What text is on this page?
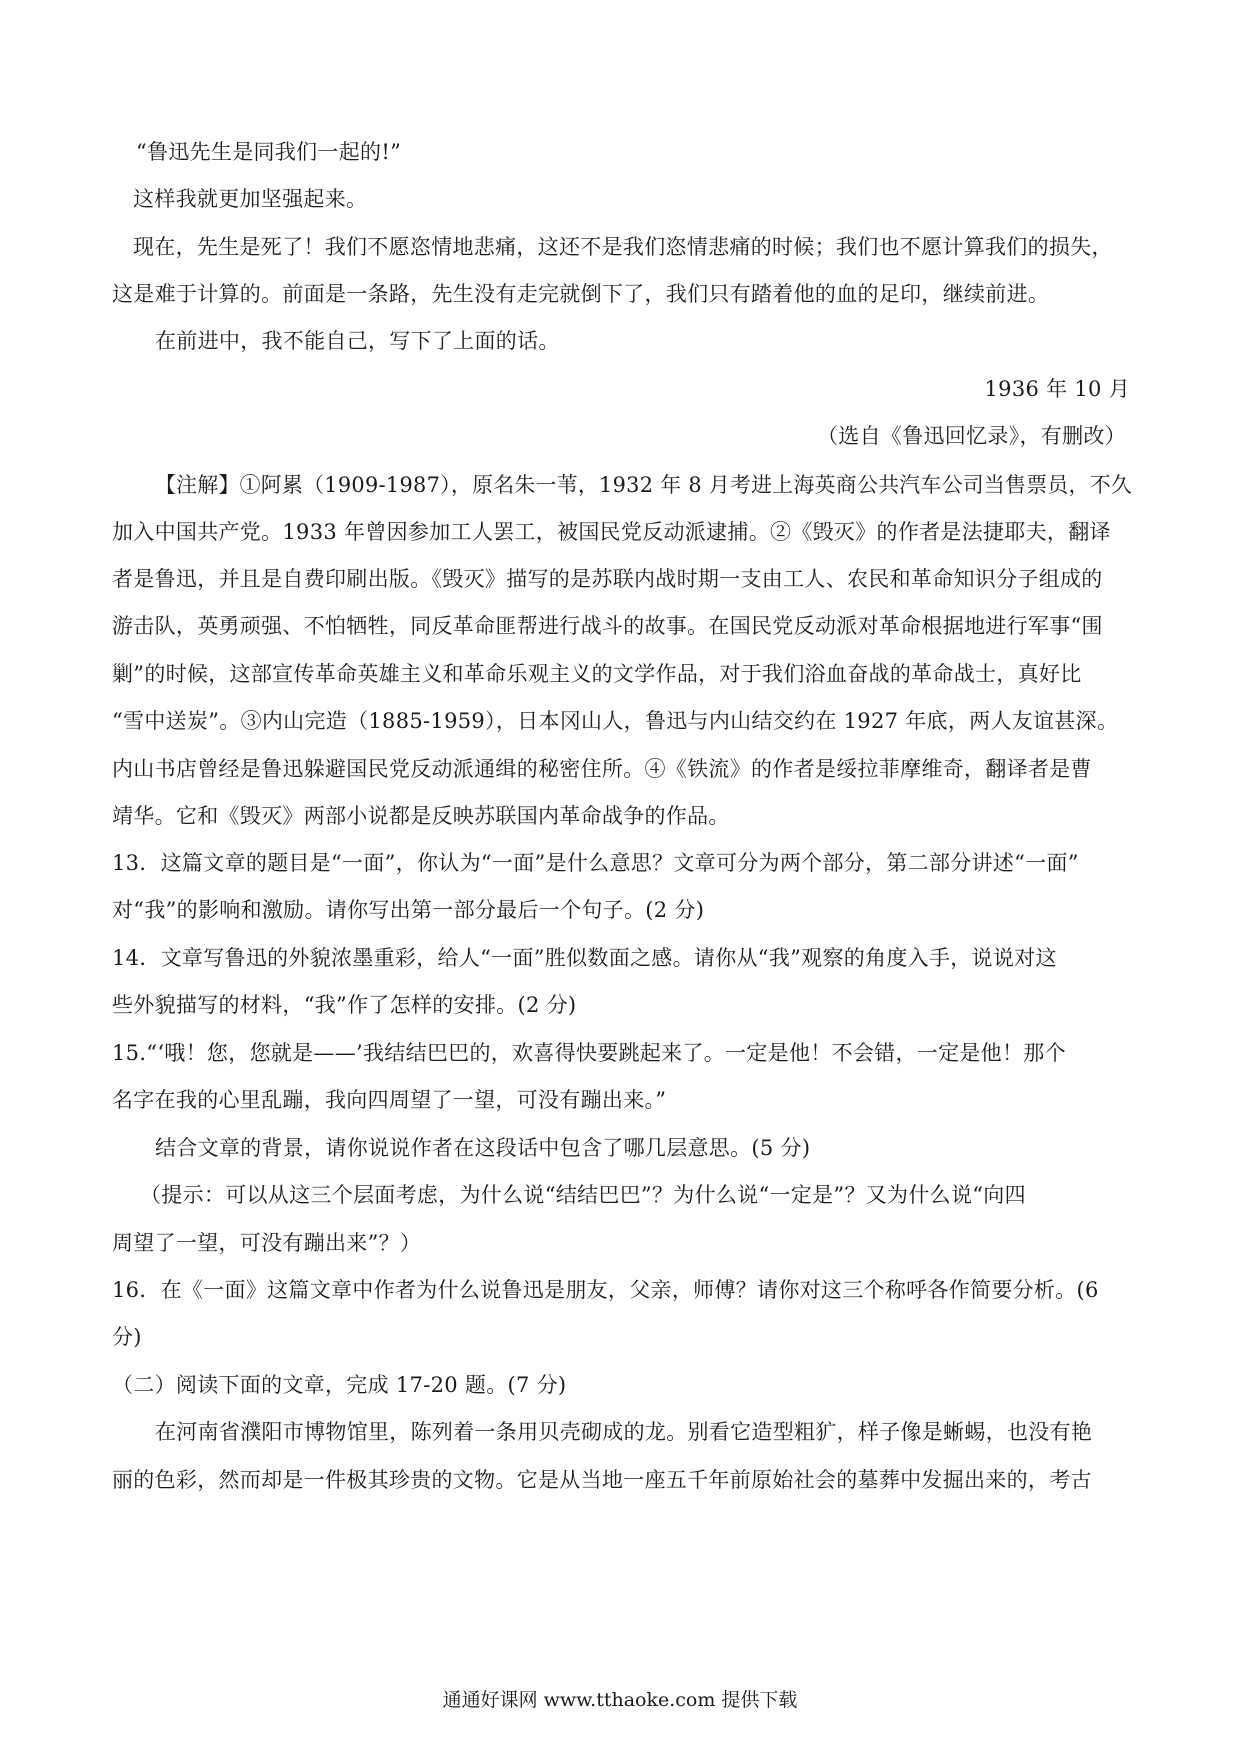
“鲁迅先生是同我们一起的!”
这样我就更加坚强起来。
现在，先生是死了！我们不愿恣情地悲痛，这还不是我们恣情悲痛的时候；我们也不愿计算我们的损失，
这是难于计算的。前面是一条路，先生没有走完就倒下了，我们只有踏着他的血的足印，继续前进。
在前进中，我不能自己，写下了上面的话。
1936 年 10 月
（选自《鲁迅回忆录》，有删改）
【注解】①阿累（1909-1987），原名朱一苇，1932 年 8 月考进上海英商公共汽车公司当售票员，不久
加入中国共产党。1933 年曾因参加工人罢工，被国民党反动派逮捕。②《毁灭》的作者是法捷耶夫，翻译
者是鲁迅，并且是自费印刷出版。《毁灭》描写的是苏联内战时期一支由工人、农民和革命知识分子组成的
游击队，英勇顽强、不怕牺牲，同反革命匪帮进行战斗的故事。在国民党反动派对革命根据地进行军事“围
剿”的时候，这部宣传革命英雄主义和革命乐观主义的文学作品，对于我们浴血奋战的革命战士，真好比
“雪中送炭”。③内山完造（1885-1959），日本冈山人，鲁迅与内山结交约在 1927 年底，两人友谊甚深。
内山书店曾经是鲁迅躲避国民党反动派通缉的秘密住所。④《铁流》的作者是绥拉菲摩维奇，翻译者是曹
靖华。它和《毁灭》两部小说都是反映苏联国内革命战争的作品。
13．这篇文章的题目是“一面”，你认为“一面”是什么意思？文章可分为两个部分，第二部分讲述“一面”
对“我”的影响和激励。请你写出第一部分最后一个句子。(2 分)
14．文章写鲁迅的外貌浓墨重彩，给人“一面”胜似数面之感。请你从“我”观察的角度入手，说说对这
些外貌描写的材料，“我”作了怎样的安排。(2 分)
15.“‘哦！您，您就是——’我结结巴巴的，欢喜得快要跳起来了。一定是他！不会错，一定是他！那个
名字在我的心里乱蹦，我向四周望了一望，可没有蹦出来。”
结合文章的背景，请你说说作者在这段话中包含了哪几层意思。(5 分)
（提示：可以从这三个层面考虑，为什么说“结结巴巴”？为什么说“一定是”？又为什么说“向四
周望了一望，可没有蹦出来”？）
16．在《一面》这篇文章中作者为什么说鲁迅是朋友，父亲，师傅？请你对这三个称呼各作简要分析。(6
分)
（二）阅读下面的文章，完成 17-20 题。(7 分)
在河南省濮阳市博物馆里，陈列着一条用贝壳砌成的龙。别看它造型粗犷，样子像是蜥蜴，也没有艳
丽的色彩，然而却是一件极其珍贵的文物。它是从当地一座五千年前原始社会的墓葬中发掘出来的，考古
通通好课网 www.tthaoke.com 提供下载
